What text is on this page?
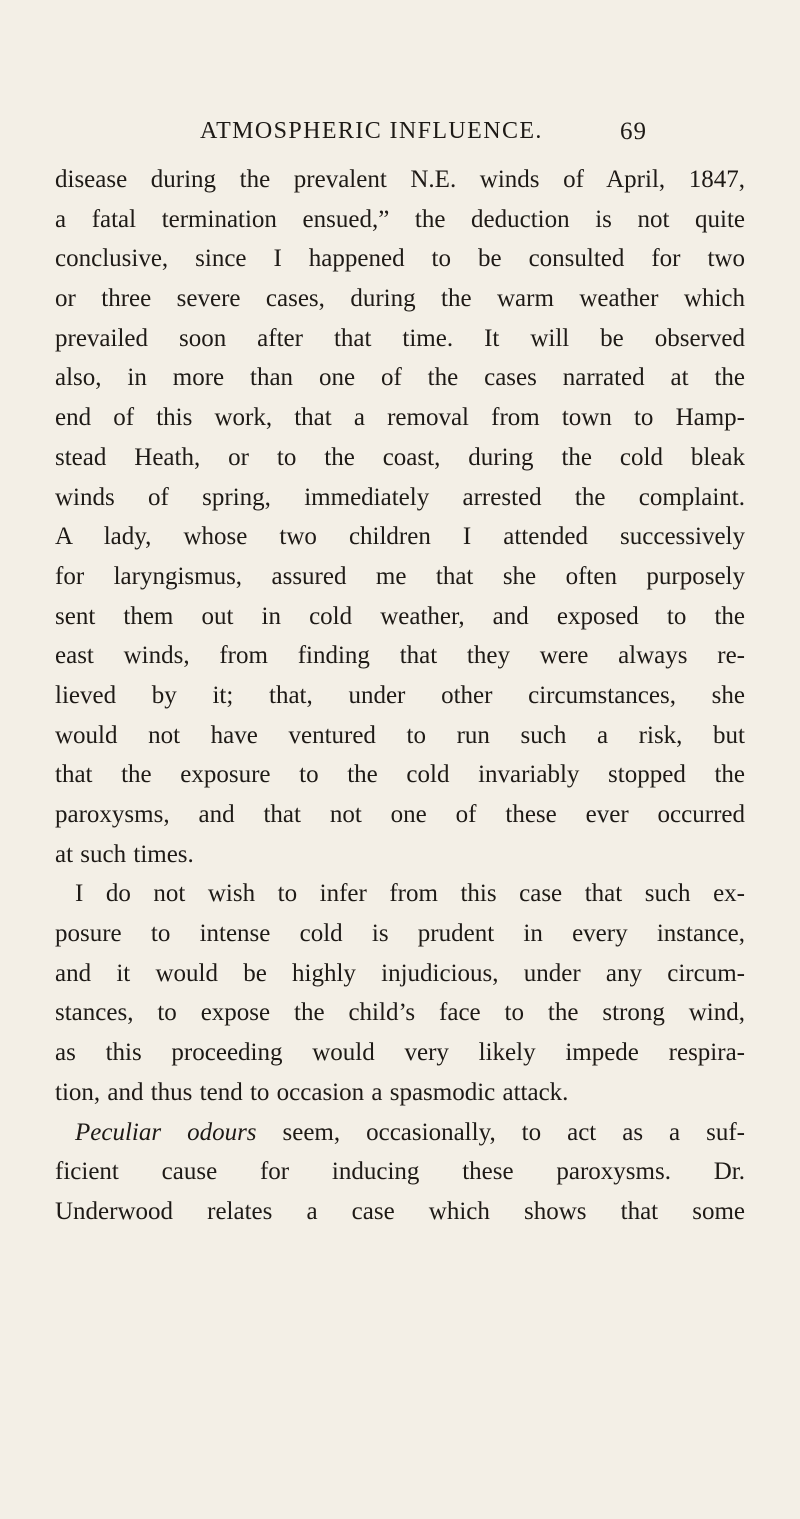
ATMOSPHERIC INFLUENCE.	69
disease during the prevalent N.E. winds of April, 1847,
a fatal termination ensued,” the deduction is not quite
conclusive, since I happened to be consulted for two
or three severe cases, during the warm weather which
prevailed soon after that time. It will be observed
also, in more than one of the cases narrated at the
end of this work, that a removal from town to Hamp-
stead Heath, or to the coast, during the cold bleak
winds of spring, immediately arrested the complaint.
A lady, whose two children I attended successively
for laryngismus, assured me that she often purposely
sent them out in cold weather, and exposed to the
east winds, from finding that they were always re-
lieved by it; that, under other circumstances, she
would not have ventured to run such a risk, but
that the exposure to the cold invariably stopped the
paroxysms, and that not one of these ever occurred
at such times.
I do not wish to infer from this case that such ex-
posure to intense cold is prudent in every instance,
and it would be highly injudicious, under any circum-
stances, to expose the child’s face to the strong wind,
as this proceeding would very likely impede respira-
tion, and thus tend to occasion a spasmodic attack.
Peculiar odours seem, occasionally, to act as a suf-
ficient cause for inducing these paroxysms. Dr.
Underwood relates a case which shows that some
